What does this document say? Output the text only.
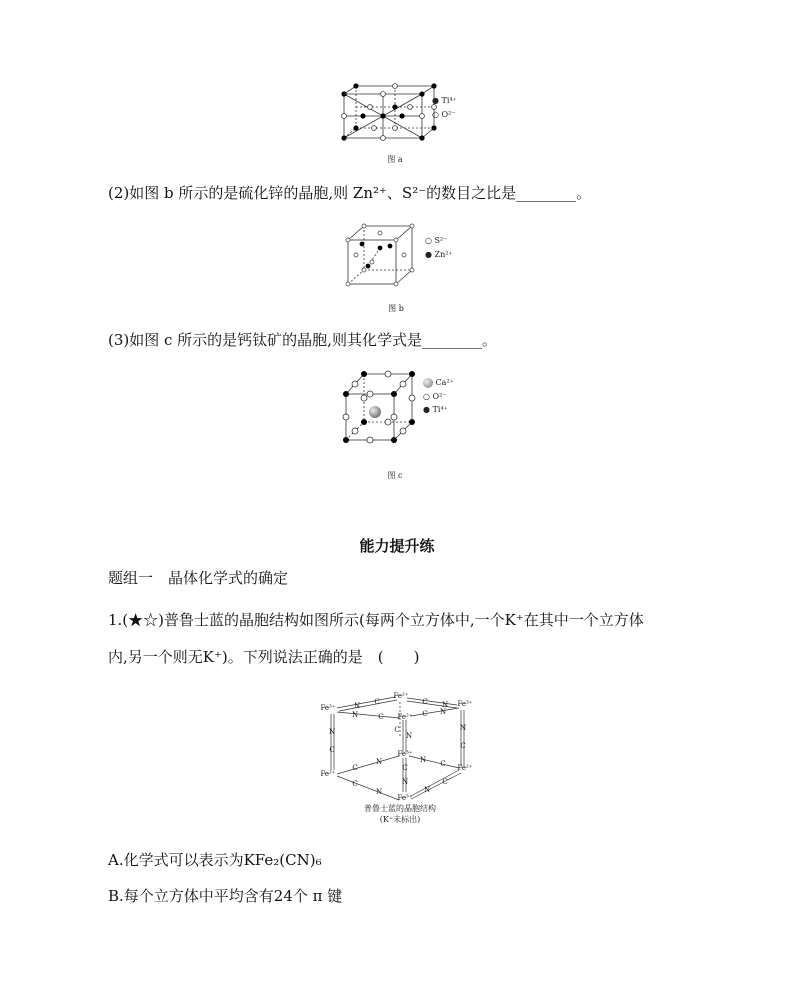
● Ti⁴⁺
○ O²⁻
图 a
(2)如图 b 所示的是硫化锌的晶胞,则 Zn²⁺、S²⁻的数目之比是________。
○ S²⁻
● Zn²⁺
图 b
(3)如图 c 所示的是钙钛矿的晶胞,则其化学式是________。
Ca²⁺
○ O²⁻
● Ti⁴⁺
图 c
能力提升练
题组一　晶体化学式的确定
1.(★☆)普鲁士蓝的晶胞结构如图所示(每两个立方体中,一个K⁺在其中一个立方体
内,另一个则无K⁺)。下列说法正确的是　(　　)
Fe³⁺
Fe²⁺
Fe³⁺
Fe²⁺
Fe²⁺
Fe³⁺
Fe²⁺
Fe³⁺
N C	C N
N	C	C N
N
C
N
C
C
N
C
N	N C
C
N
C
N	N
C
普鲁士蓝的晶胞结构
(K⁺未标出)
A.化学式可以表示为KFe₂(CN)₆
B.每个立方体中平均含有24个 π 键
